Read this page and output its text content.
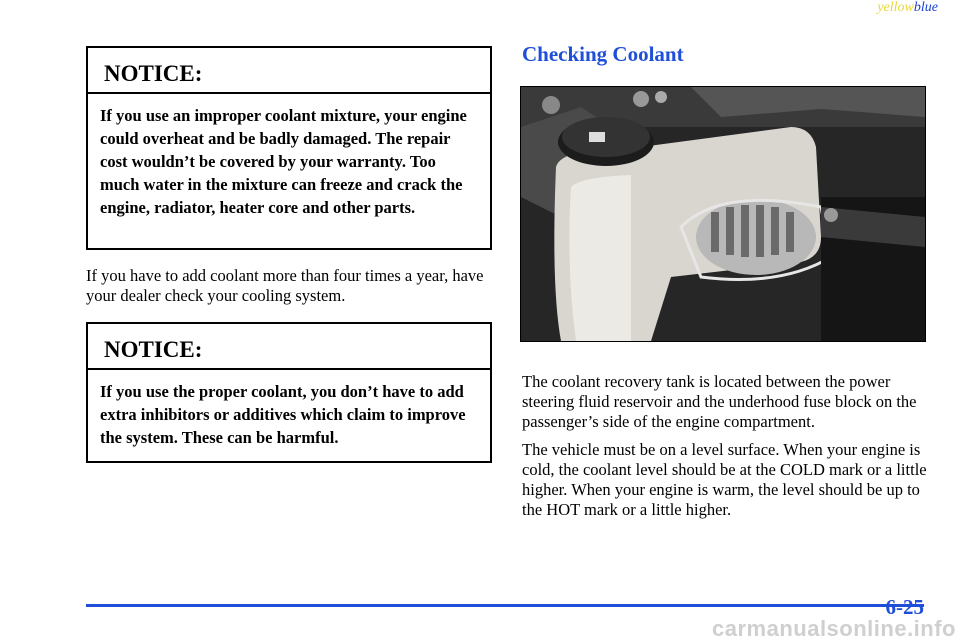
yellowblue
NOTICE:
If you use an improper coolant mixture, your engine could overheat and be badly damaged. The repair cost wouldn’t be covered by your warranty. Too much water in the mixture can freeze and crack the engine, radiator, heater core and other parts.
If you have to add coolant more than four times a year, have your dealer check your cooling system.
NOTICE:
If you use the proper coolant, you don’t have to add extra inhibitors or additives which claim to improve the system. These can be harmful.
Checking Coolant
The coolant recovery tank is located between the power steering fluid reservoir and the underhood fuse block on the passenger’s side of the engine compartment.
The vehicle must be on a level surface. When your engine is cold, the coolant level should be at the COLD mark or a little higher. When your engine is warm, the level should be up to the HOT mark or a little higher.
6-25
carmanualsonline.info
